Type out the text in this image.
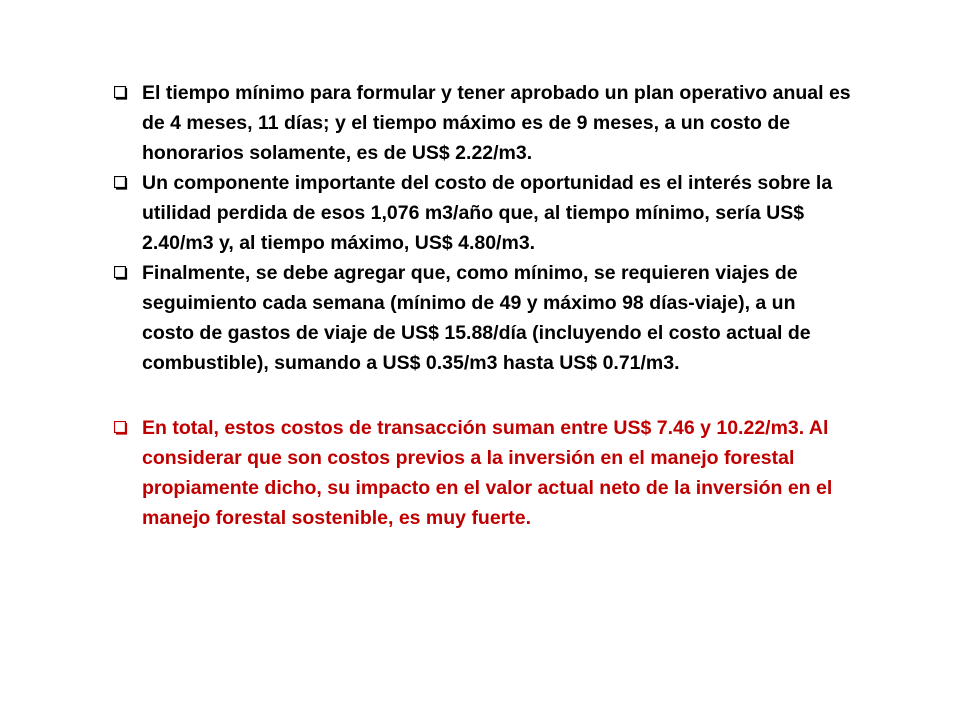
El tiempo mínimo para formular y tener aprobado un plan operativo anual es de 4 meses, 11 días; y el tiempo máximo es de 9 meses, a un costo de honorarios solamente, es de US$ 2.22/m3.
Un componente importante del costo de oportunidad es el interés sobre la utilidad perdida de esos 1,076 m3/año que, al tiempo mínimo, sería US$ 2.40/m3 y, al tiempo máximo, US$ 4.80/m3.
Finalmente, se debe agregar que, como mínimo, se requieren viajes de seguimiento cada semana (mínimo de 49 y máximo 98 días-viaje), a un costo de gastos de viaje de US$ 15.88/día (incluyendo el costo actual de combustible), sumando a US$ 0.35/m3 hasta US$ 0.71/m3.
En total, estos costos de transacción suman entre US$ 7.46 y 10.22/m3. Al considerar que son costos previos a la inversión en el manejo forestal propiamente dicho, su impacto en el valor actual neto de la inversión en el manejo forestal sostenible, es muy fuerte.
